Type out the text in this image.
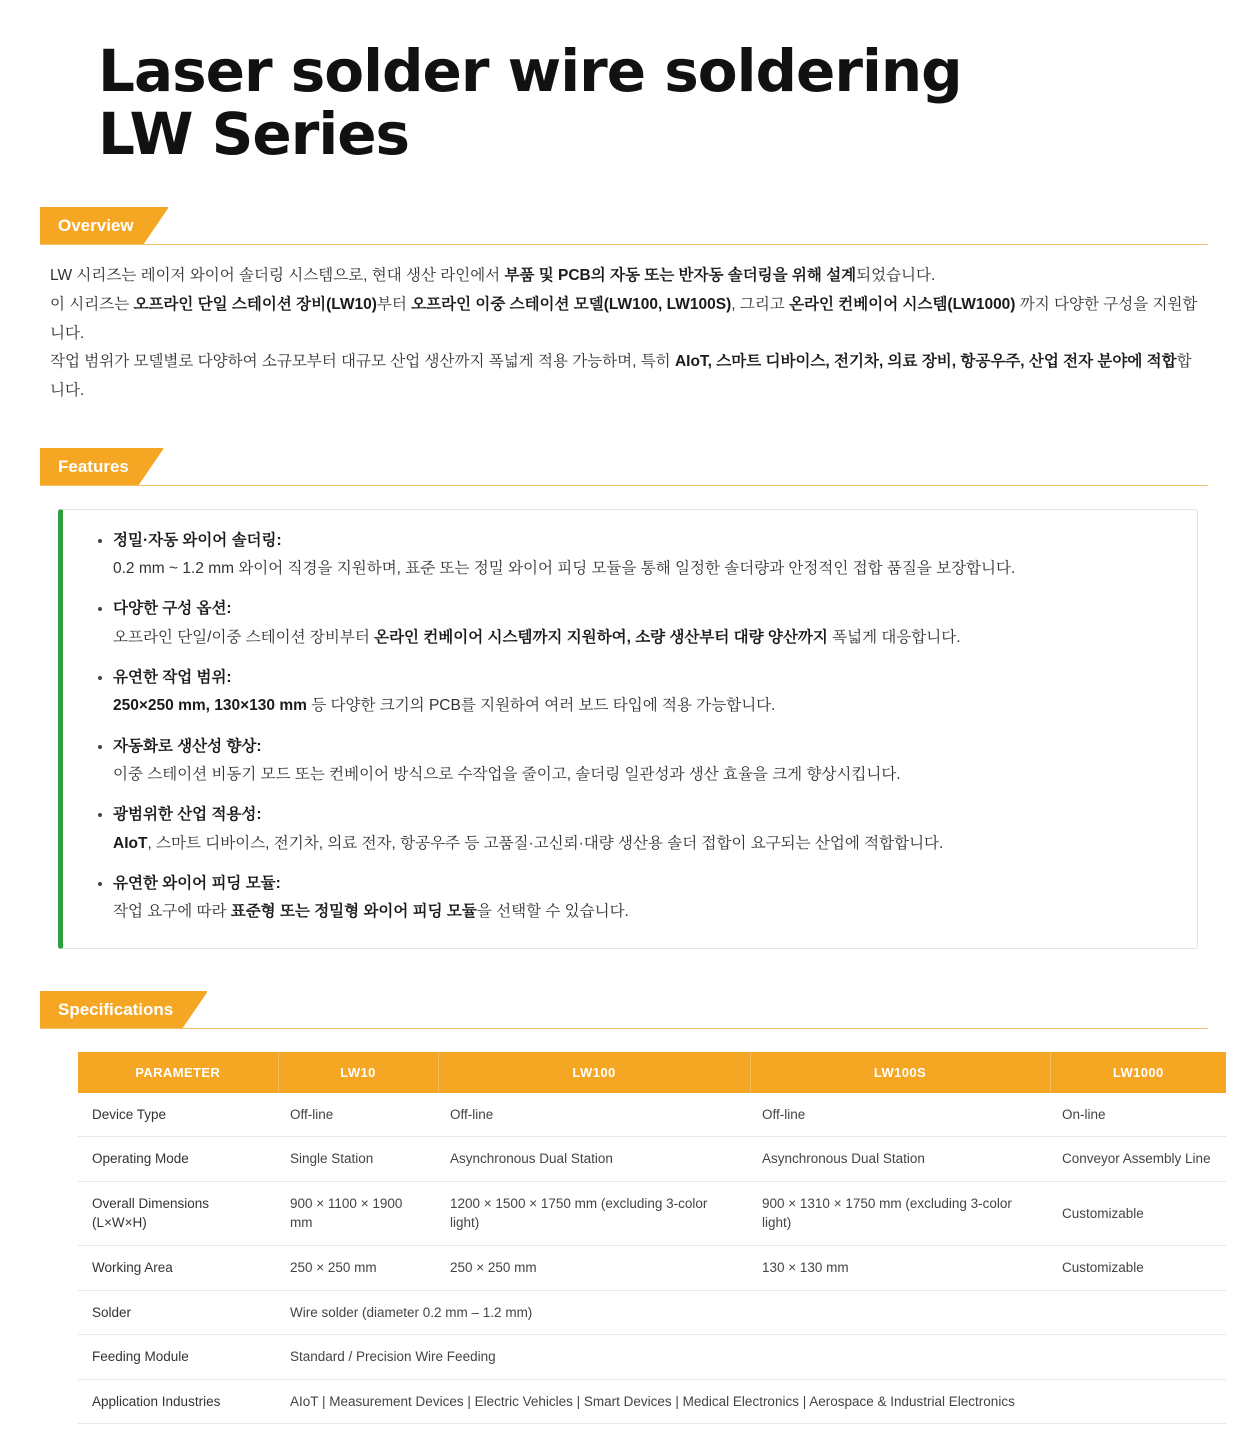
Laser solder wire soldering
LW Series
Overview

LW 시리즈는 레이저 와이어 솔더링 시스템으로, 현대 생산 라인에서 부품 및 PCB의 자동 또는 반자동 솔더링을 위해 설계되었습니다.

이 시리즈는 오프라인 단일 스테이션 장비(LW10)부터 오프라인 이중 스테이션 모델(LW100, LW100S), 그리고 온라인 컨베이어 시스템(LW1000) 까지 다양한 구성을 지원합니다.

작업 범위가 모델별로 다양하여 소규모부터 대규모 산업 생산까지 폭넓게 적용 가능하며, 특히 AIoT, 스마트 디바이스, 전기차, 의료 장비, 항공우주, 산업 전자 분야에 적합합니다.

Features
• 정밀·자동 와이어 솔더링:
0.2 mm ~ 1.2 mm 와이어 직경을 지원하며, 표준 또는 정밀 와이어 피딩 모듈을 통해 일정한 솔더량과 안정적인 접합 품질을 보장합니다.
• 다양한 구성 옵션:
오프라인 단일/이중 스테이션 장비부터 온라인 컨베이어 시스템까지 지원하여, 소량 생산부터 대량 양산까지 폭넓게 대응합니다.
• 유연한 작업 범위:
250×250 mm, 130×130 mm 등 다양한 크기의 PCB를 지원하여 여러 보드 타입에 적용 가능합니다.
• 자동화로 생산성 향상:
이중 스테이션 비동기 모드 또는 컨베이어 방식으로 수작업을 줄이고, 솔더링 일관성과 생산 효율을 크게 향상시킵니다.
• 광범위한 산업 적용성:
AIoT, 스마트 디바이스, 전기차, 의료 전자, 항공우주 등 고품질·고신뢰·대량 생산용 솔더 접합이 요구되는 산업에 적합합니다.
• 유연한 와이어 피딩 모듈:
작업 요구에 따라 표준형 또는 정밀형 와이어 피딩 모듈을 선택할 수 있습니다.
Specifications
PARAMETER	LW10	LW100	LW100S	LW1000
Device Type	Off-line	Off-line	Off-line	On-line
Operating Mode	Single Station	Asynchronous Dual Station	Asynchronous Dual Station	Conveyor Assembly Line
Overall Dimensions (L×W×H)	900 × 1100 × 1900 mm	1200 × 1500 × 1750 mm (excluding 3-color light)	900 × 1310 × 1750 mm (excluding 3-color light)	Customizable
Working Area	250 × 250 mm	250 × 250 mm	130 × 130 mm	Customizable
Solder	Wire solder (diameter 0.2 mm – 1.2 mm)			
Feeding Module	Standard / Precision Wire Feeding			
Application Industries	AIoT | Measurement Devices | Electric Vehicles | Smart Devices | Medical Electronics | Aerospace & Industrial Electronics			
